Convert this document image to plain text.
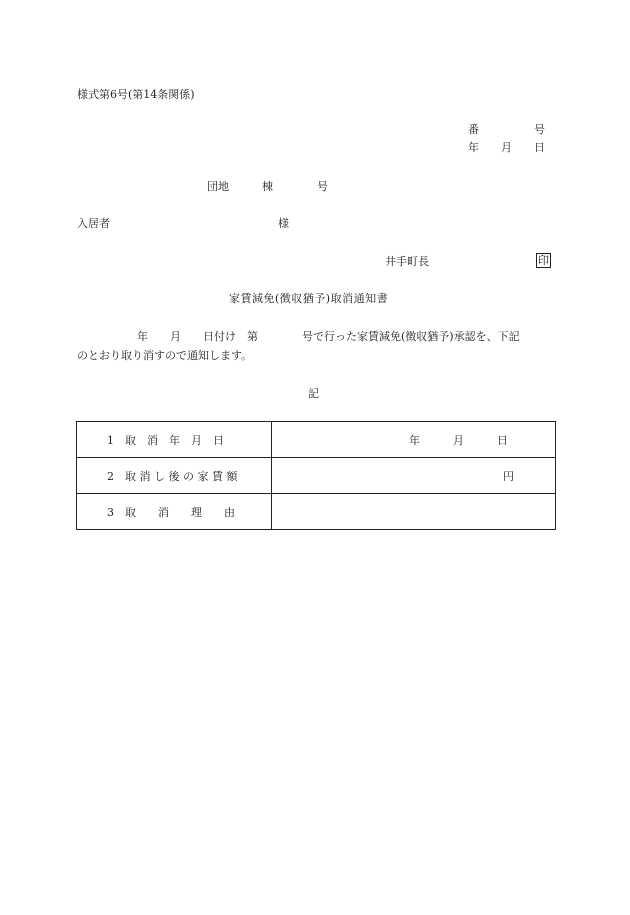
様式第6号(第14条関係)
番　　　　　号
年　　月　　日
団地　　　棟　　　　号
入居者	様
井手町長	印
家賃減免(徴収猶予)取消通知書
年　　月　　日付け　第　　　　号で行った家賃減免(徴収猶予)承認を、下記
のとおり取り消すので通知します。
記
1　取　消　年　月　日	年　　　月　　　日

2　取 消 し 後 の 家 賃 額	円

3　取　　消　　理　　由	
